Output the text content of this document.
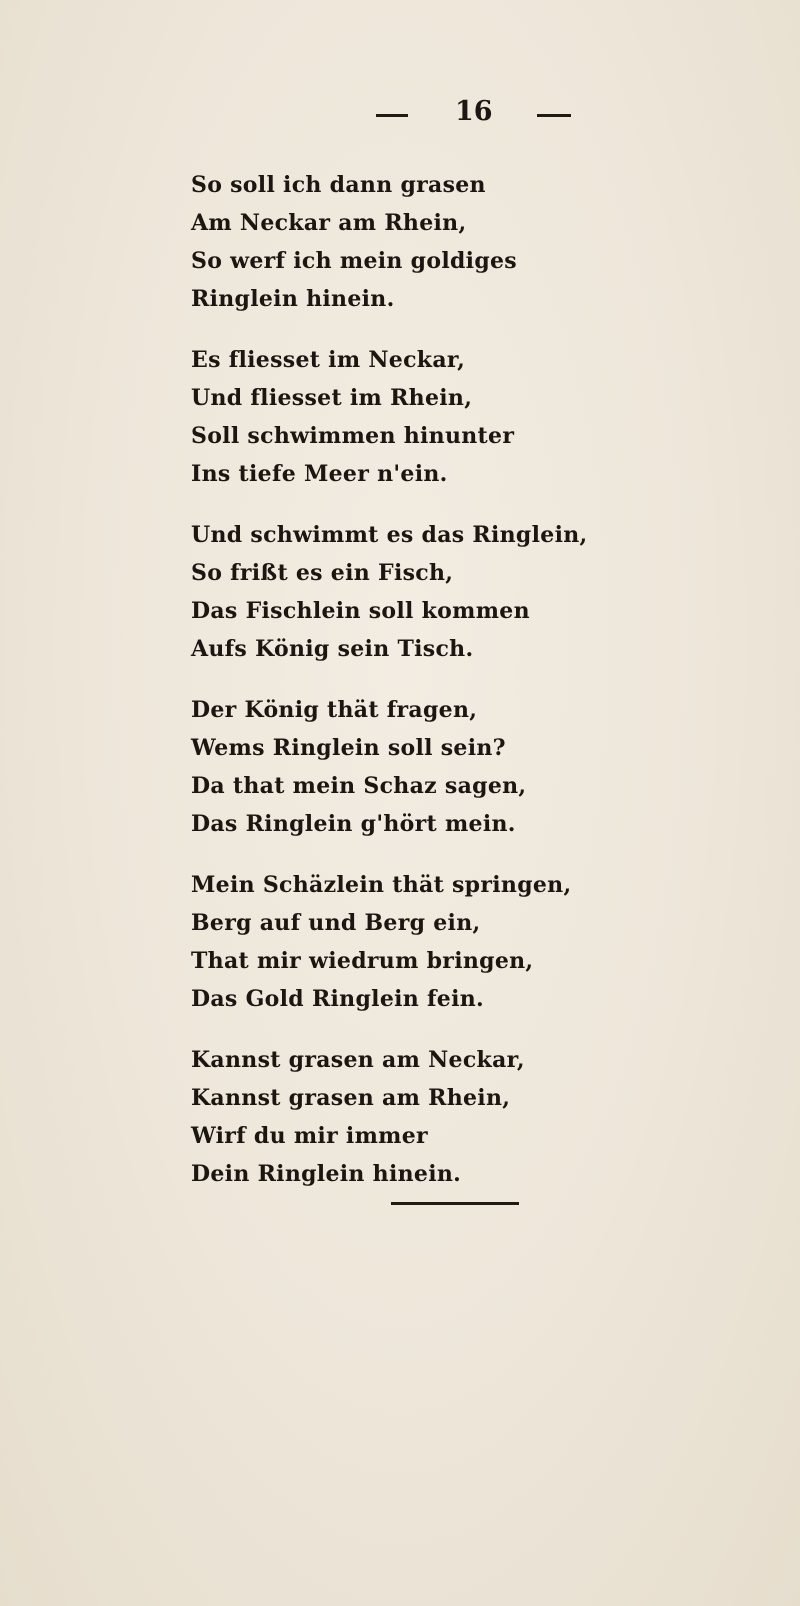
16
So soll ich dann grasen
Am Neckar am Rhein,
So werf ich mein goldiges
Ringlein hinein.
Es fliesset im Neckar,
Und fliesset im Rhein,
Soll schwimmen hinunter
Ins tiefe Meer n'ein.
Und schwimmt es das Ringlein,
So frißt es ein Fisch,
Das Fischlein soll kommen
Aufs König sein Tisch.
Der König thät fragen,
Wems Ringlein soll sein?
Da that mein Schaz sagen,
Das Ringlein g'hört mein.
Mein Schäzlein thät springen,
Berg auf und Berg ein,
That mir wiedrum bringen,
Das Gold Ringlein fein.
Kannst grasen am Neckar,
Kannst grasen am Rhein,
Wirf du mir immer
Dein Ringlein hinein.
